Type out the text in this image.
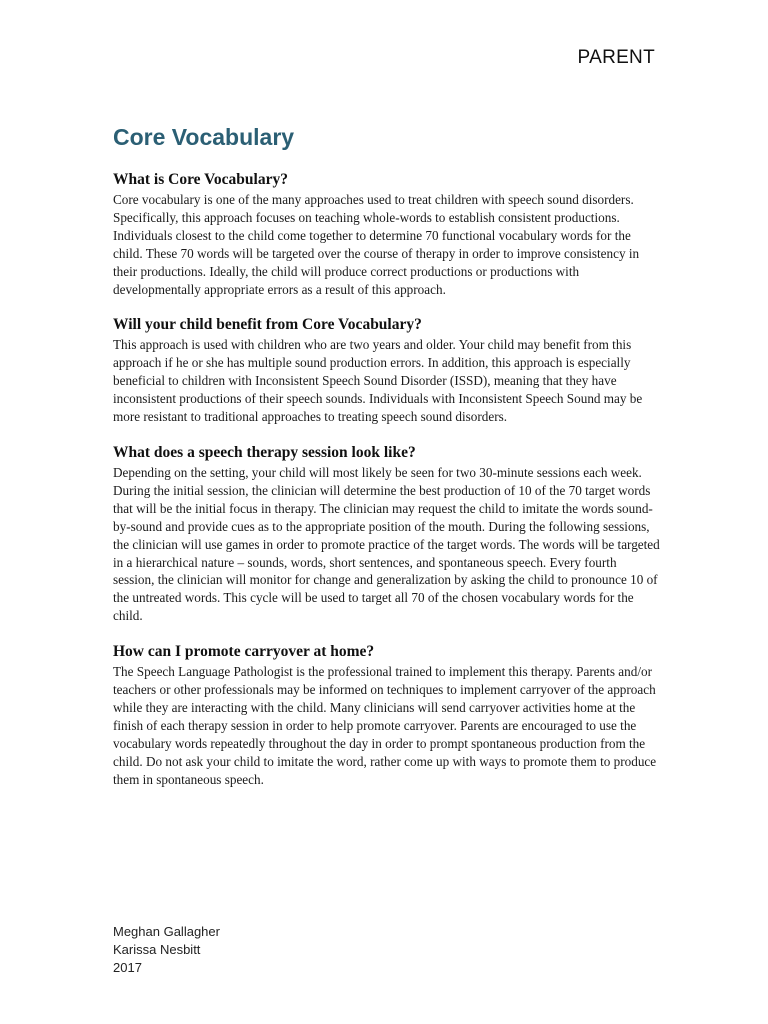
PARENT
Core Vocabulary
What is Core Vocabulary?

Core vocabulary is one of the many approaches used to treat children with speech sound disorders. Specifically, this approach focuses on teaching whole-words to establish consistent productions. Individuals closest to the child come together to determine 70 functional vocabulary words for the child. These 70 words will be targeted over the course of therapy in order to improve consistency in their productions. Ideally, the child will produce correct productions or productions with developmentally appropriate errors as a result of this approach.

Will your child benefit from Core Vocabulary?

This approach is used with children who are two years and older. Your child may benefit from this approach if he or she has multiple sound production errors. In addition, this approach is especially beneficial to children with Inconsistent Speech Sound Disorder (ISSD), meaning that they have inconsistent productions of their speech sounds. Individuals with Inconsistent Speech Sound may be more resistant to traditional approaches to treating speech sound disorders.

What does a speech therapy session look like?

Depending on the setting, your child will most likely be seen for two 30-minute sessions each week. During the initial session, the clinician will determine the best production of 10 of the 70 target words that will be the initial focus in therapy. The clinician may request the child to imitate the words sound-by-sound and provide cues as to the appropriate position of the mouth. During the following sessions, the clinician will use games in order to promote practice of the target words. The words will be targeted in a hierarchical nature – sounds, words, short sentences, and spontaneous speech. Every fourth session, the clinician will monitor for change and generalization by asking the child to pronounce 10 of the untreated words. This cycle will be used to target all 70 of the chosen vocabulary words for the child.

How can I promote carryover at home?

The Speech Language Pathologist is the professional trained to implement this therapy. Parents and/or teachers or other professionals may be informed on techniques to implement carryover of the approach while they are interacting with the child. Many clinicians will send carryover activities home at the finish of each therapy session in order to help promote carryover. Parents are encouraged to use the vocabulary words repeatedly throughout the day in order to prompt spontaneous production from the child. Do not ask your child to imitate the word, rather come up with ways to promote them to produce them in spontaneous speech.

Meghan Gallagher
Karissa Nesbitt
2017
